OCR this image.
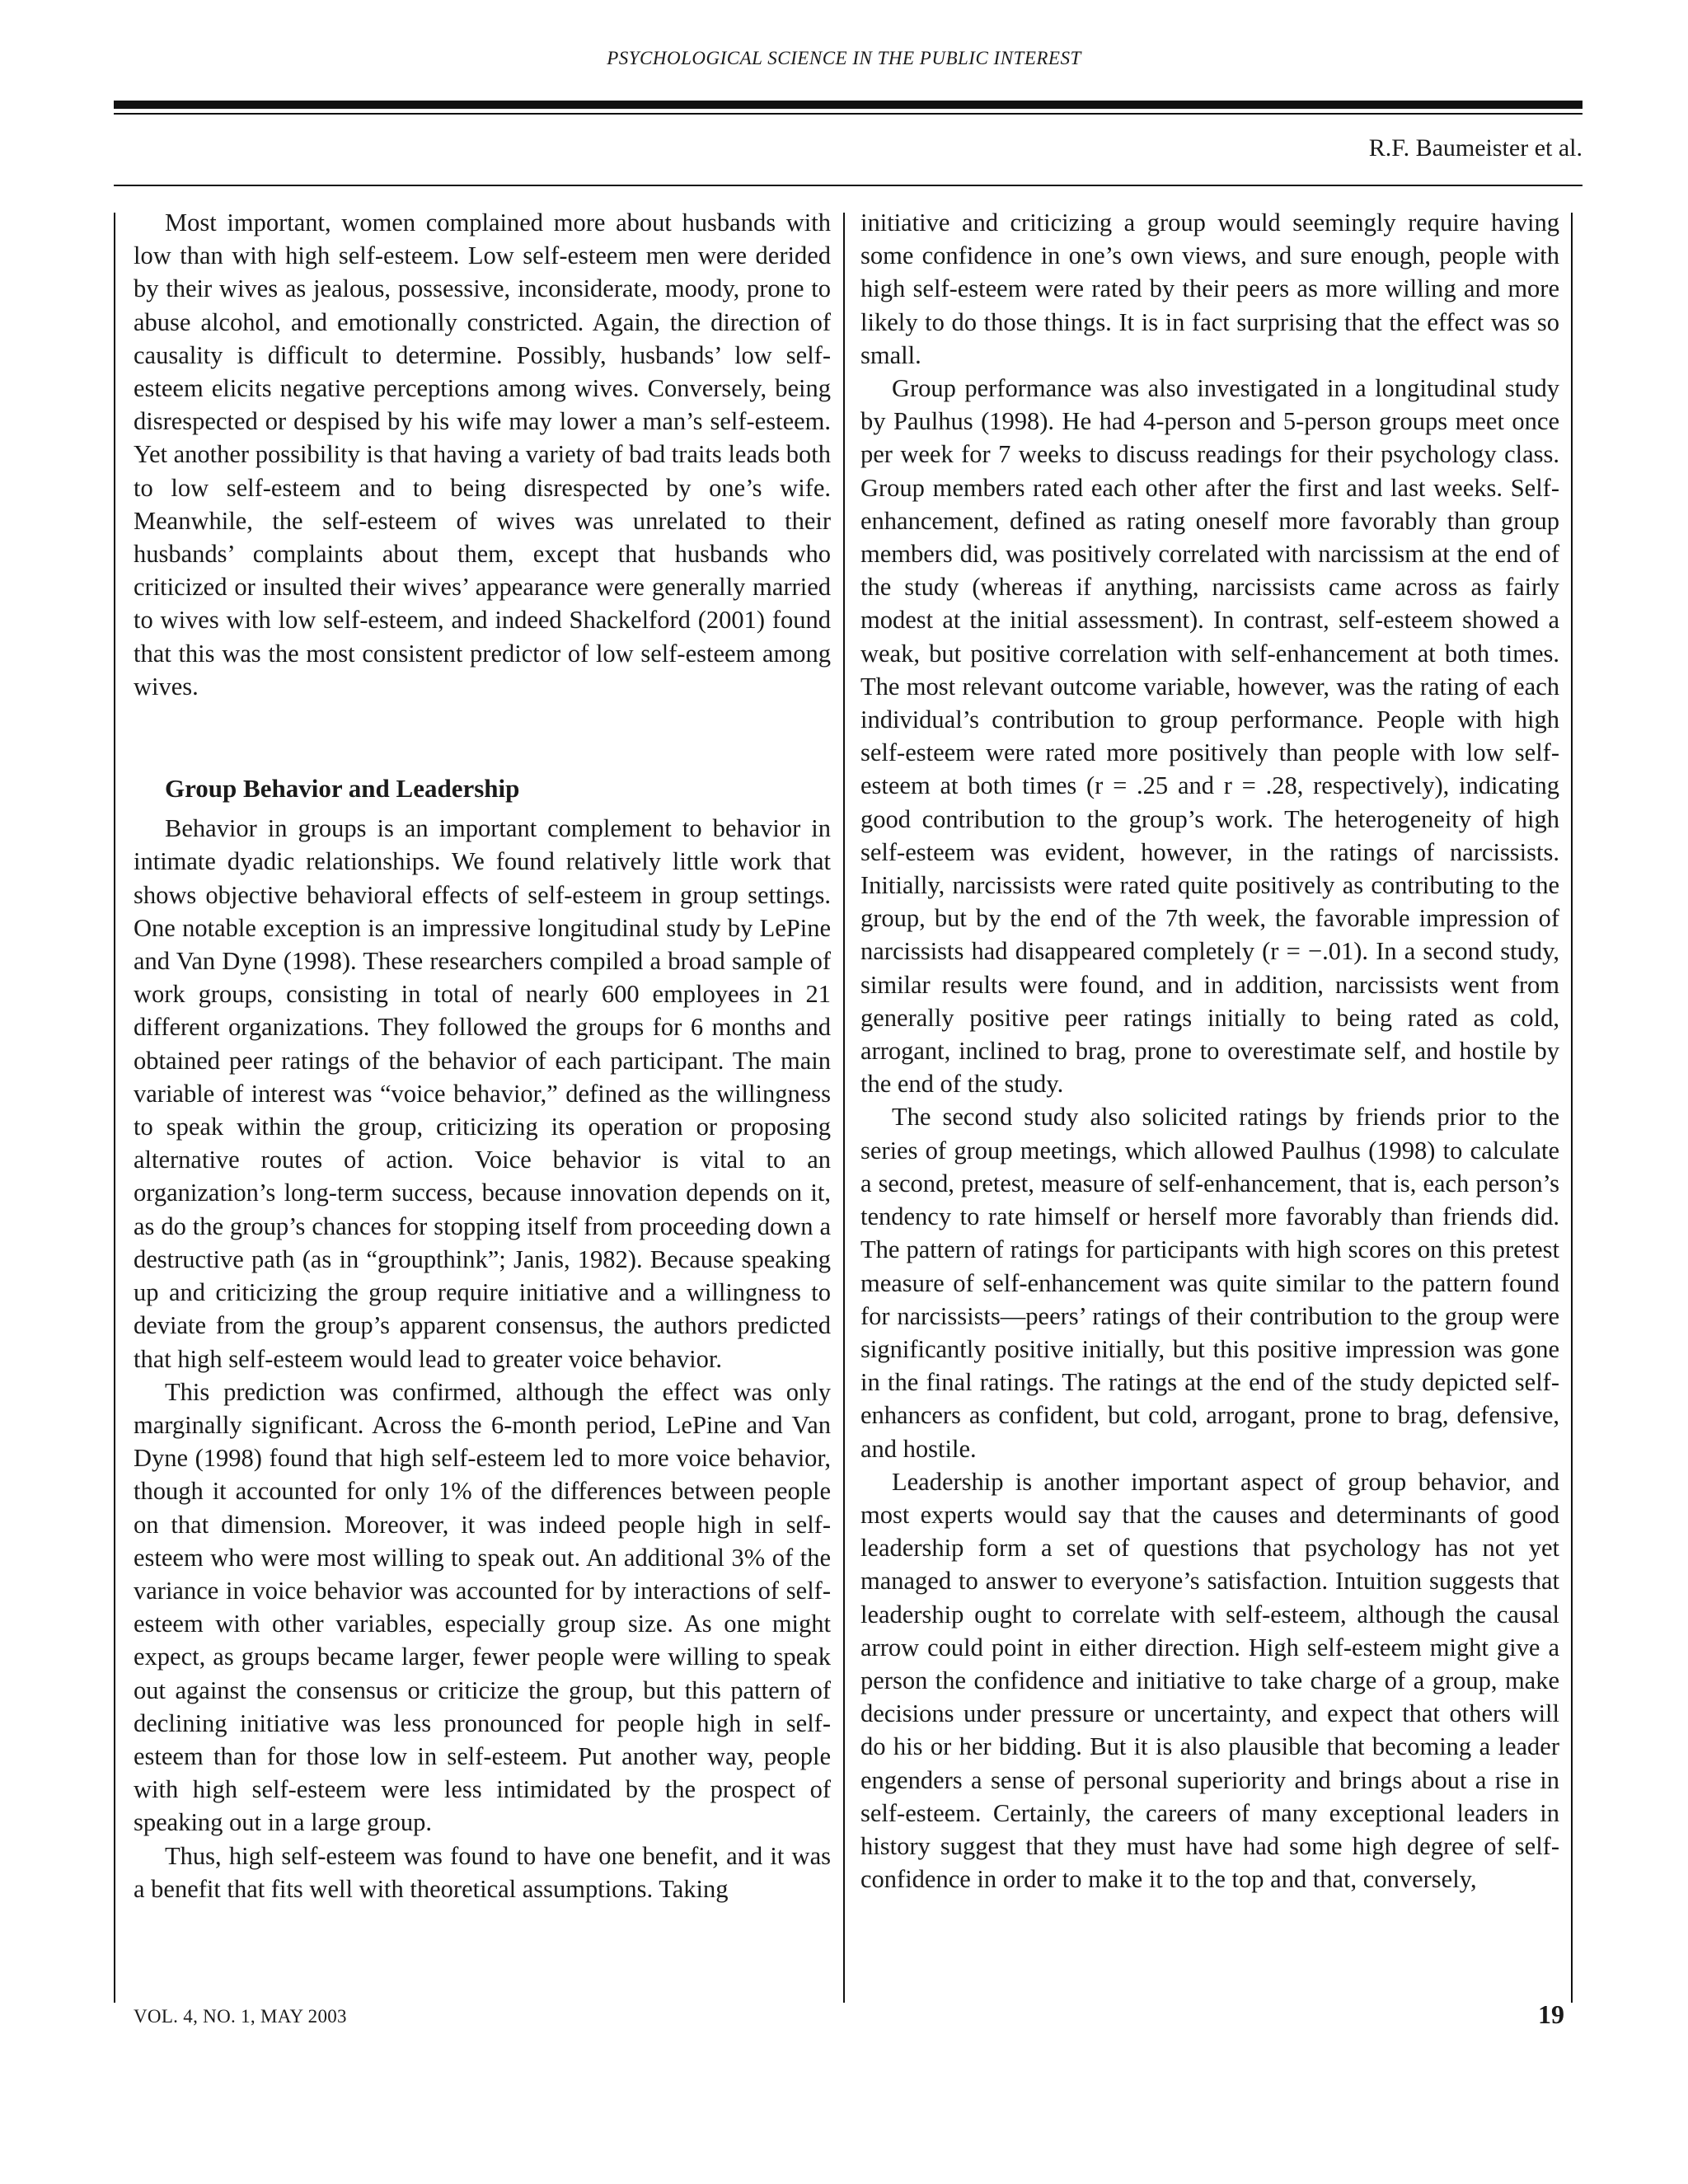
PSYCHOLOGICAL SCIENCE IN THE PUBLIC INTEREST
R.F. Baumeister et al.

Most important, women complained more about husbands with low than with high self-esteem. Low self-esteem men were derided by their wives as jealous, possessive, inconsiderate, moody, prone to abuse alcohol, and emotionally constricted. Again, the direction of causality is difficult to determine. Possibly, husbands’ low self-esteem elicits negative perceptions among wives. Conversely, being disrespected or despised by his wife may lower a man’s self-esteem. Yet another possibility is that having a variety of bad traits leads both to low self-esteem and to being disrespected by one’s wife. Meanwhile, the self-esteem of wives was unrelated to their husbands’ complaints about them, except that husbands who criticized or insulted their wives’ appearance were generally married to wives with low self-esteem, and indeed Shackelford (2001) found that this was the most consistent predictor of low self-esteem among wives.

Group Behavior and Leadership

Behavior in groups is an important complement to behavior in intimate dyadic relationships. We found relatively little work that shows objective behavioral effects of self-esteem in group settings. One notable exception is an impressive longitudinal study by LePine and Van Dyne (1998). These researchers compiled a broad sample of work groups, consisting in total of nearly 600 employees in 21 different organizations. They followed the groups for 6 months and obtained peer ratings of the behavior of each participant. The main variable of interest was “voice behavior,” defined as the willingness to speak within the group, criticizing its operation or proposing alternative routes of action. Voice behavior is vital to an organization’s long-term success, because innovation depends on it, as do the group’s chances for stopping itself from proceeding down a destructive path (as in “groupthink”; Janis, 1982). Because speaking up and criticizing the group require initiative and a willingness to deviate from the group’s apparent consensus, the authors predicted that high self-esteem would lead to greater voice behavior.

This prediction was confirmed, although the effect was only marginally significant. Across the 6-month period, LePine and Van Dyne (1998) found that high self-esteem led to more voice behavior, though it accounted for only 1% of the differences between people on that dimension. Moreover, it was indeed people high in self-esteem who were most willing to speak out. An additional 3% of the variance in voice behavior was accounted for by interactions of self-esteem with other variables, especially group size. As one might expect, as groups became larger, fewer people were willing to speak out against the consensus or criticize the group, but this pattern of declining initiative was less pronounced for people high in self-esteem than for those low in self-esteem. Put another way, people with high self-esteem were less intimidated by the prospect of speaking out in a large group.

Thus, high self-esteem was found to have one benefit, and it was a benefit that fits well with theoretical assumptions. Taking

initiative and criticizing a group would seemingly require having some confidence in one’s own views, and sure enough, people with high self-esteem were rated by their peers as more willing and more likely to do those things. It is in fact surprising that the effect was so small.

Group performance was also investigated in a longitudinal study by Paulhus (1998). He had 4-person and 5-person groups meet once per week for 7 weeks to discuss readings for their psychology class. Group members rated each other after the first and last weeks. Self-enhancement, defined as rating oneself more favorably than group members did, was positively correlated with narcissism at the end of the study (whereas if anything, narcissists came across as fairly modest at the initial assessment). In contrast, self-esteem showed a weak, but positive correlation with self-enhancement at both times. The most relevant outcome variable, however, was the rating of each individual’s contribution to group performance. People with high self-esteem were rated more positively than people with low self-esteem at both times (r = .25 and r = .28, respectively), indicating good contribution to the group’s work. The heterogeneity of high self-esteem was evident, however, in the ratings of narcissists. Initially, narcissists were rated quite positively as contributing to the group, but by the end of the 7th week, the favorable impression of narcissists had disappeared completely (r = −.01). In a second study, similar results were found, and in addition, narcissists went from generally positive peer ratings initially to being rated as cold, arrogant, inclined to brag, prone to overestimate self, and hostile by the end of the study.

The second study also solicited ratings by friends prior to the series of group meetings, which allowed Paulhus (1998) to calculate a second, pretest, measure of self-enhancement, that is, each person’s tendency to rate himself or herself more favorably than friends did. The pattern of ratings for participants with high scores on this pretest measure of self-enhancement was quite similar to the pattern found for narcissists—peers’ ratings of their contribution to the group were significantly positive initially, but this positive impression was gone in the final ratings. The ratings at the end of the study depicted self-enhancers as confident, but cold, arrogant, prone to brag, defensive, and hostile.

Leadership is another important aspect of group behavior, and most experts would say that the causes and determinants of good leadership form a set of questions that psychology has not yet managed to answer to everyone’s satisfaction. Intuition suggests that leadership ought to correlate with self-esteem, although the causal arrow could point in either direction. High self-esteem might give a person the confidence and initiative to take charge of a group, make decisions under pressure or uncertainty, and expect that others will do his or her bidding. But it is also plausible that becoming a leader engenders a sense of personal superiority and brings about a rise in self-esteem. Certainly, the careers of many exceptional leaders in history suggest that they must have had some high degree of self-confidence in order to make it to the top and that, conversely,

VOL. 4, NO. 1, MAY 2003	19
